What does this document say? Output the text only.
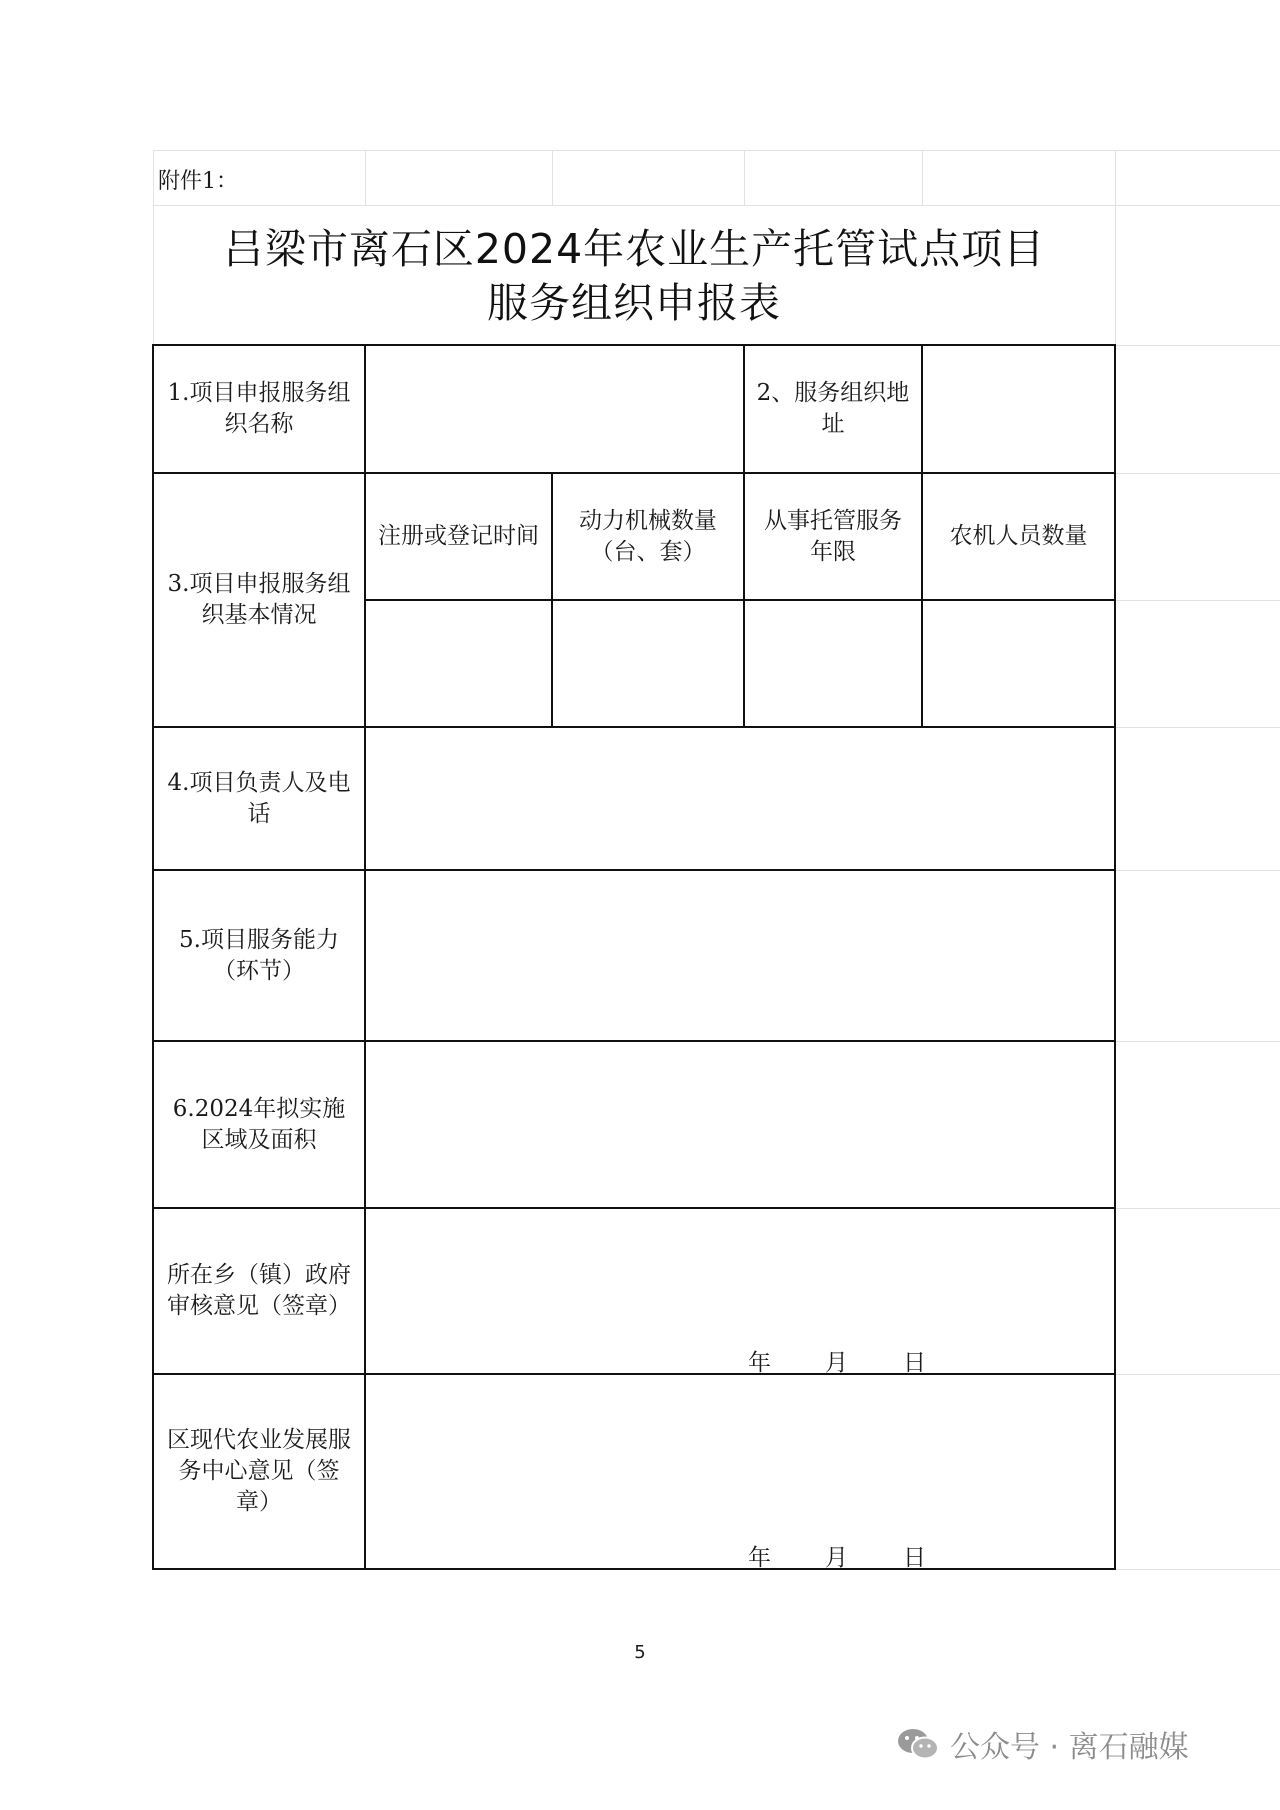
附件1：
吕梁市离石区2024年农业生产托管试点项目
服务组织申报表
1.项目申报服务组织名称
2、服务组织地址
3.项目申报服务组织基本情况
注册或登记时间
动力机械数量（台、套）
从事托管服务年限
农机人员数量
4.项目负责人及电话
5.项目服务能力（环节）
6.2024年拟实施区域及面积
所在乡（镇）政府审核意见（签章）
年 月 日
区现代农业发展服务中心意见（签章）
年 月 日
5
公众号 · 离石融媒
